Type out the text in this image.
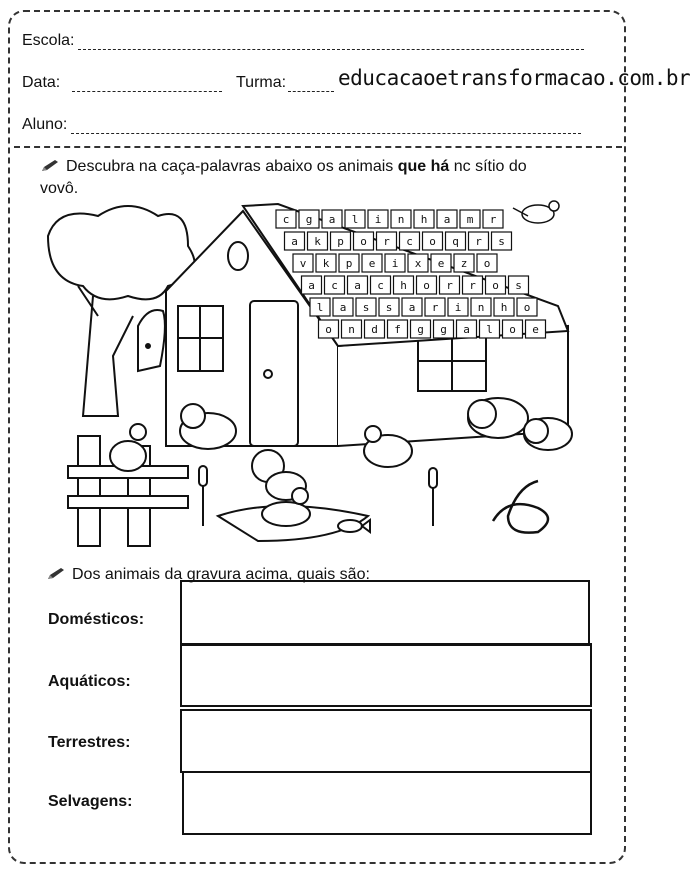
Escola:
Data:	Turma: educacaoetransformacao.com.br
Aluno:
Descubra na caça-palavras abaixo os animais que há nc sítio do
vovô.
c g a l i n h a m r
a k p o r c o q r s
v k p e i x e z o
a c a c h o r r o s
l a s s a r i n h o
o n d f g g a l o e
Dos animais da gravura acima, quais são:
Domésticos:
Aquáticos:
Terrestres:
Selvagens:
